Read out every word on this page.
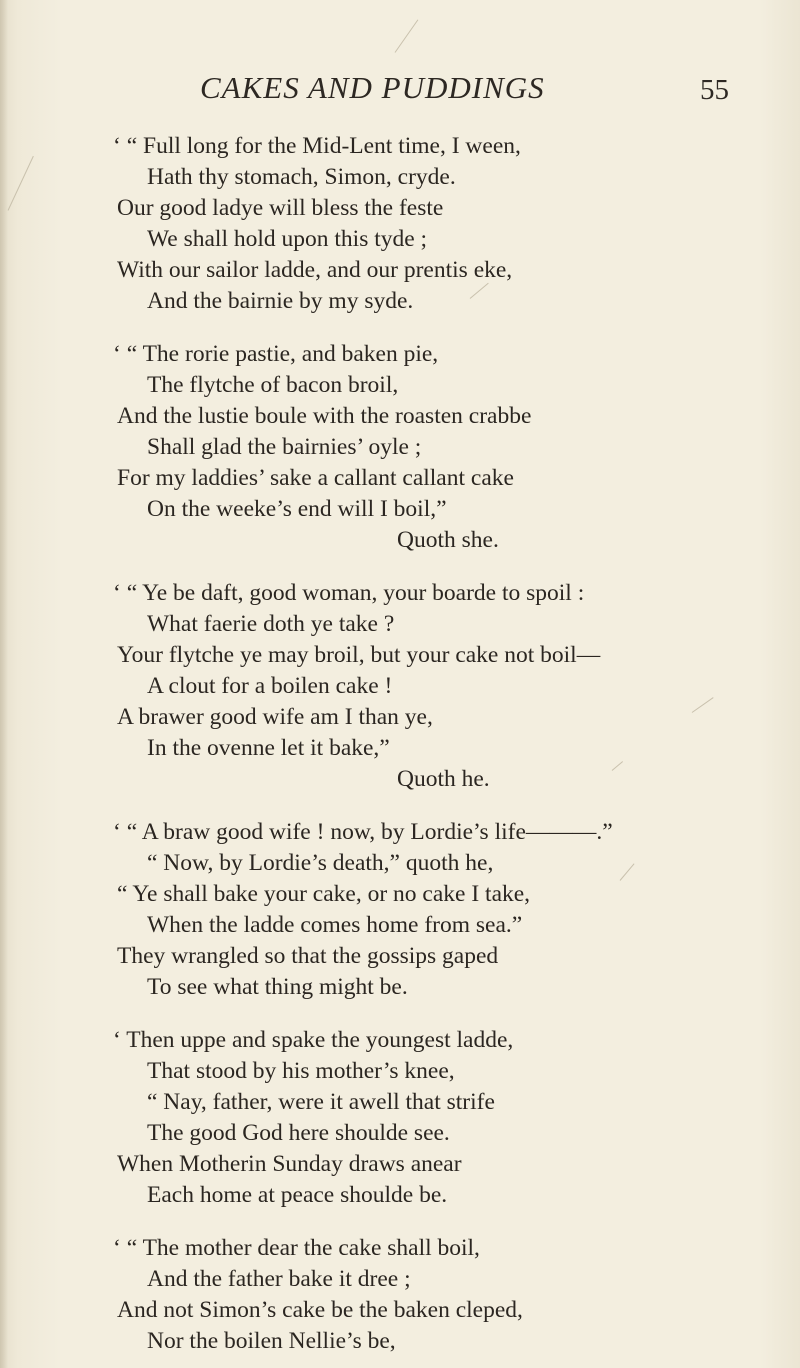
CAKES AND PUDDINGS	55
‘ “ Full long for the Mid-Lent time, I ween,
Hath thy stomach, Simon, cryde.
Our good ladye will bless the feste
We shall hold upon this tyde ;
With our sailor ladde, and our prentis eke,
And the bairnie by my syde.
‘ “ The rorie pastie, and baken pie,
The flytche of bacon broil,
And the lustie boule with the roasten crabbe
Shall glad the bairnies’ oyle ;
For my laddies’ sake a callant callant cake
On the weeke’s end will I boil,”
Quoth she.
‘ “ Ye be daft, good woman, your boarde to spoil :
What faerie doth ye take ?
Your flytche ye may broil, but your cake not boil—
A clout for a boilen cake !
A brawer good wife am I than ye,
In the ovenne let it bake,”
Quoth he.
‘ “ A braw good wife ! now, by Lordie’s life———.”
“ Now, by Lordie’s death,” quoth he,
“ Ye shall bake your cake, or no cake I take,
When the ladde comes home from sea.”
They wrangled so that the gossips gaped
To see what thing might be.
‘ Then uppe and spake the youngest ladde,
That stood by his mother’s knee,
“ Nay, father, were it awell that strife
The good God here shoulde see.
When Motherin Sunday draws anear
Each home at peace shoulde be.
‘ “ The mother dear the cake shall boil,
And the father bake it dree ;
And not Simon’s cake be the baken cleped,
Nor the boilen Nellie’s be,
